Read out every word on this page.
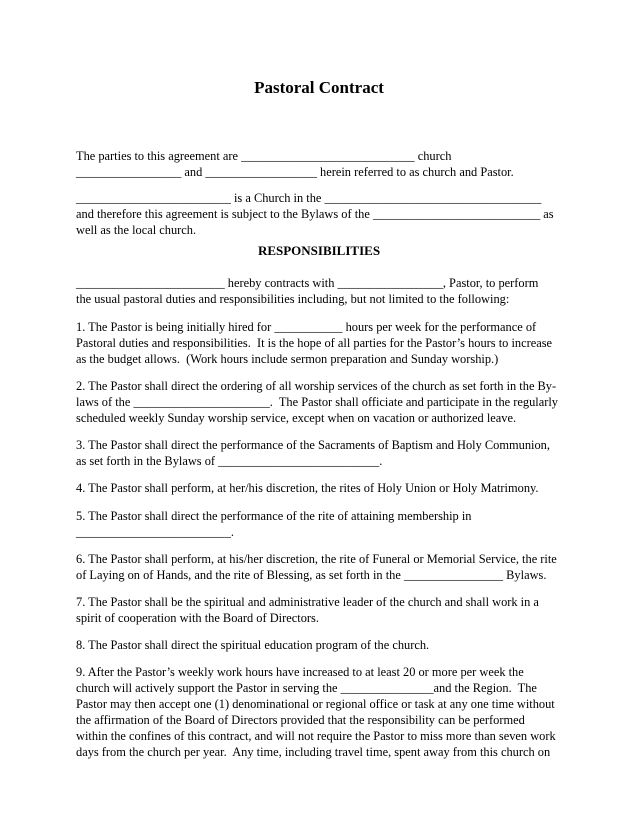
Pastoral Contract
The parties to this agreement are ____________________________ church
_________________ and __________________ herein referred to as church and Pastor.
_________________________ is a Church in the ___________________________________
and therefore this agreement is subject to the Bylaws of the ___________________________ as
well as the local church.
RESPONSIBILITIES
________________________ hereby contracts with _________________, Pastor, to perform
the usual pastoral duties and responsibilities including, but not limited to the following:
1. The Pastor is being initially hired for ___________ hours per week for the performance of
Pastoral duties and responsibilities.  It is the hope of all parties for the Pastor’s hours to increase
as the budget allows.  (Work hours include sermon preparation and Sunday worship.)
2. The Pastor shall direct the ordering of all worship services of the church as set forth in the By-
laws of the ______________________.  The Pastor shall officiate and participate in the regularly
scheduled weekly Sunday worship service, except when on vacation or authorized leave.
3. The Pastor shall direct the performance of the Sacraments of Baptism and Holy Communion,
as set forth in the Bylaws of __________________________.
4. The Pastor shall perform, at her/his discretion, the rites of Holy Union or Holy Matrimony.
5. The Pastor shall direct the performance of the rite of attaining membership in
_________________________.
6. The Pastor shall perform, at his/her discretion, the rite of Funeral or Memorial Service, the rite
of Laying on of Hands, and the rite of Blessing, as set forth in the ________________ Bylaws.
7. The Pastor shall be the spiritual and administrative leader of the church and shall work in a
spirit of cooperation with the Board of Directors.
8. The Pastor shall direct the spiritual education program of the church.
9. After the Pastor’s weekly work hours have increased to at least 20 or more per week the
church will actively support the Pastor in serving the _______________and the Region.  The
Pastor may then accept one (1) denominational or regional office or task at any one time without
the affirmation of the Board of Directors provided that the responsibility can be performed
within the confines of this contract, and will not require the Pastor to miss more than seven work
days from the church per year.  Any time, including travel time, spent away from this church on
